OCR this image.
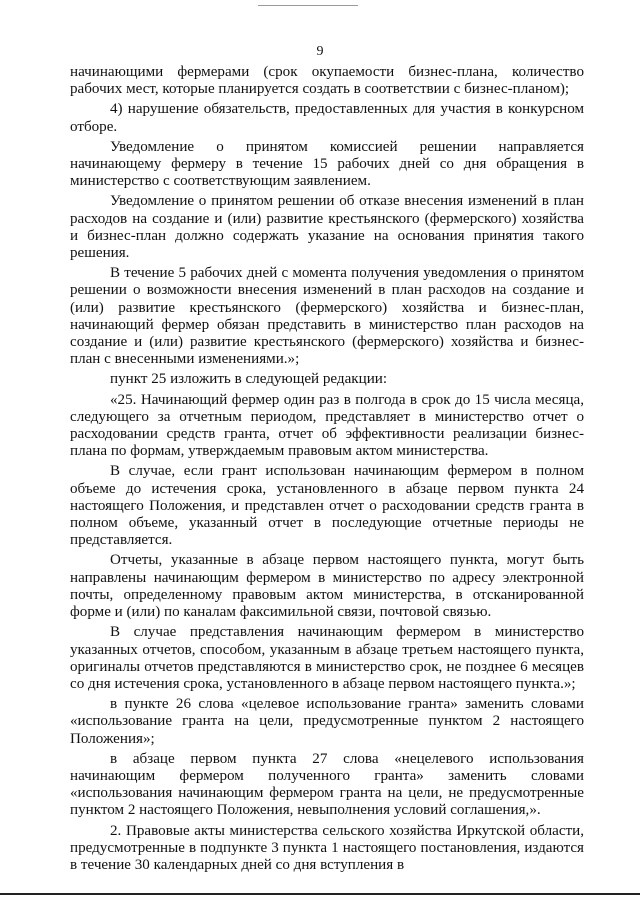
9

начинающими фермерами (срок окупаемости бизнес-плана, количество рабочих мест, которые планируется создать в соответствии с бизнес-планом);

4) нарушение обязательств, предоставленных для участия в конкурсном отборе.

Уведомление о принятом комиссией решении направляется начинающему фермеру в течение 15 рабочих дней со дня обращения в министерство с соответствующим заявлением.

Уведомление о принятом решении об отказе внесения изменений в план расходов на создание и (или) развитие крестьянского (фермерского) хозяйства и бизнес-план должно содержать указание на основания принятия такого решения.

В течение 5 рабочих дней с момента получения уведомления о принятом решении о возможности внесения изменений в план расходов на создание и (или) развитие крестьянского (фермерского) хозяйства и бизнес-план, начинающий фермер обязан представить в министерство план расходов на создание и (или) развитие крестьянского (фермерского) хозяйства и бизнес-план с внесенными изменениями.»;

пункт 25 изложить в следующей редакции:

«25. Начинающий фермер один раз в полгода в срок до 15 числа месяца, следующего за отчетным периодом, представляет в министерство отчет о расходовании средств гранта, отчет об эффективности реализации бизнес-плана по формам, утверждаемым правовым актом министерства.

В случае, если грант использован начинающим фермером в полном объеме до истечения срока, установленного в абзаце первом пункта 24 настоящего Положения, и представлен отчет о расходовании средств гранта в полном объеме, указанный отчет в последующие отчетные периоды не представляется.

Отчеты, указанные в абзаце первом настоящего пункта, могут быть направлены начинающим фермером в министерство по адресу электронной почты, определенному правовым актом министерства, в отсканированной форме и (или) по каналам факсимильной связи, почтовой связью.

В случае представления начинающим фермером в министерство указанных отчетов, способом, указанным в абзаце третьем настоящего пункта, оригиналы отчетов представляются в министерство срок, не позднее 6 месяцев со дня истечения срока, установленного в абзаце первом настоящего пункта.»;

в пункте 26 слова «целевое использование гранта» заменить словами «использование гранта на цели, предусмотренные пунктом 2 настоящего Положения»;

в абзаце первом пункта 27 слова «нецелевого использования начинающим фермером полученного гранта» заменить словами «использования начинающим фермером гранта на цели, не предусмотренные пунктом 2 настоящего Положения, невыполнения условий соглашения,».

2. Правовые акты министерства сельского хозяйства Иркутской области, предусмотренные в подпункте 3 пункта 1 настоящего постановления, издаются в течение 30 календарных дней со дня вступления в
